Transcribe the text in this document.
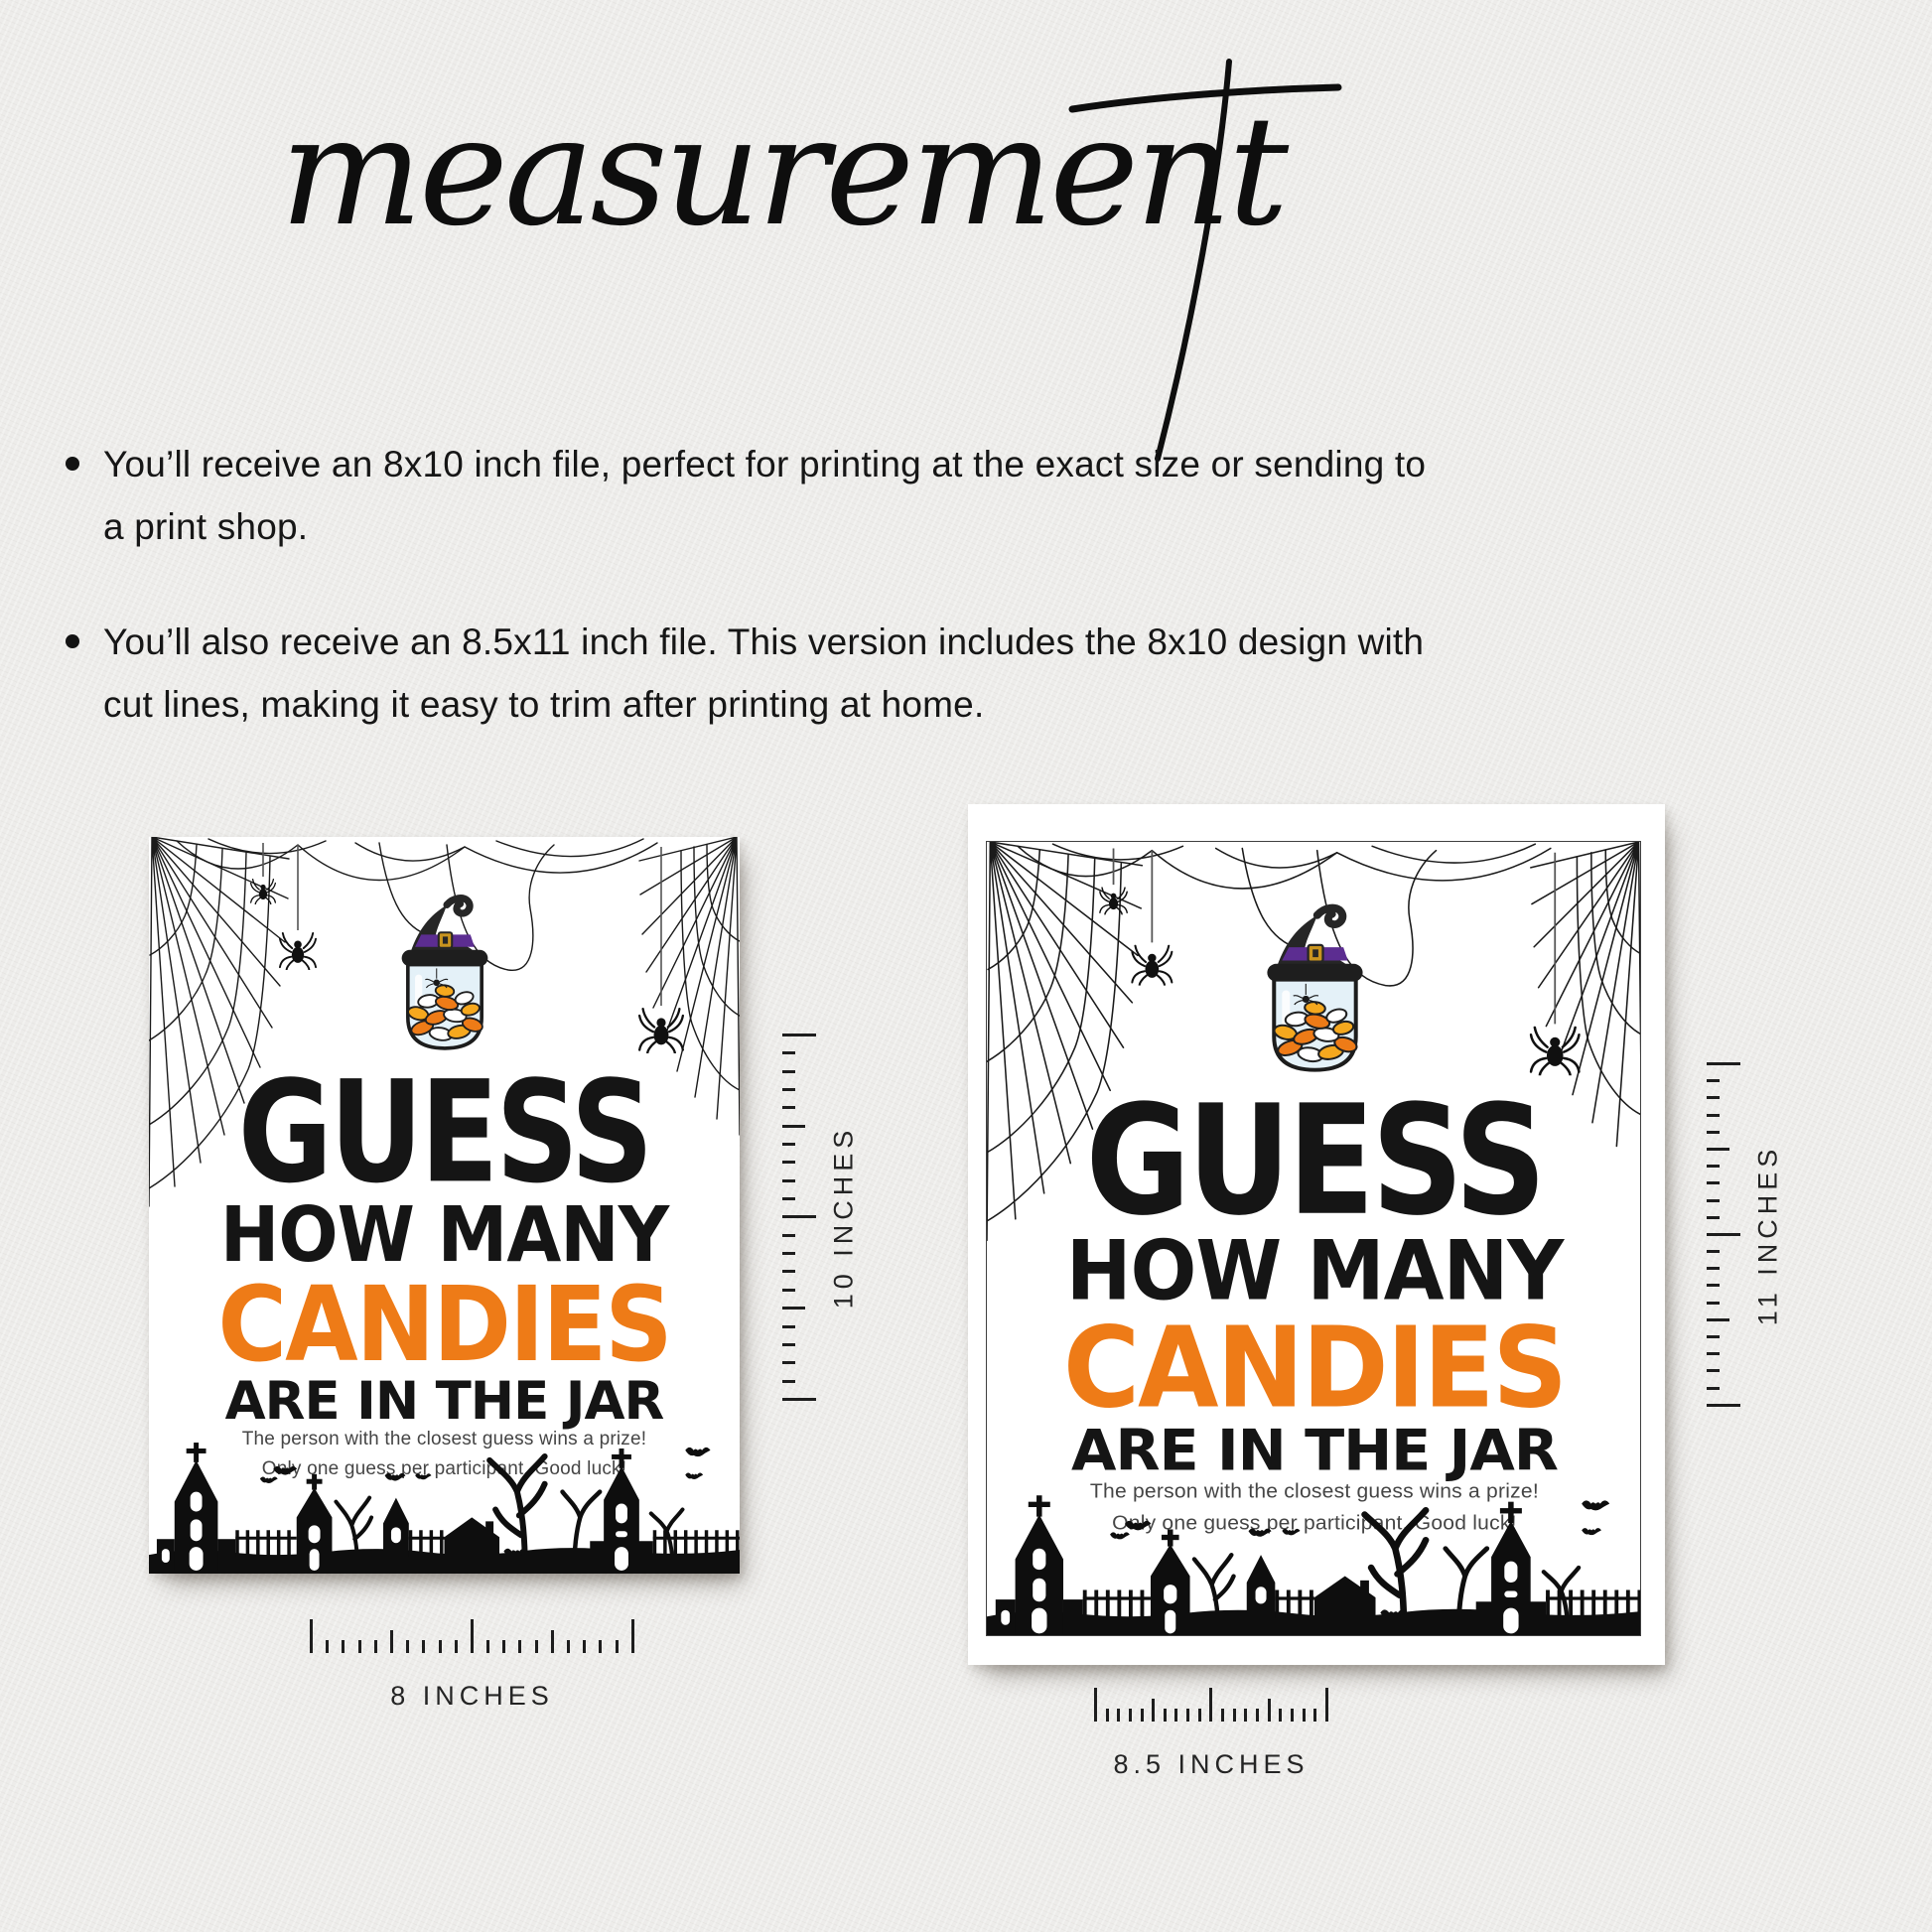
measurement

You’ll receive an 8x10 inch file, perfect for printing at the exact size or sending to

a print shop.

You’ll also receive an 8.5x11 inch file. This version includes the 8x10 design with

cut lines, making it easy to trim after printing at home.

GUESS
HOW MANY
CANDIES
ARE IN THE JAR
The person with the closest guess wins a prize!
Only one guess per participant. Good luck!
GUESS
HOW MANY
CANDIES
ARE IN THE JAR
The person with the closest guess wins a prize!
Only one guess per participant. Good luck!
10 INCHES	11 INCHES
8 INCHES
8.5 INCHES
